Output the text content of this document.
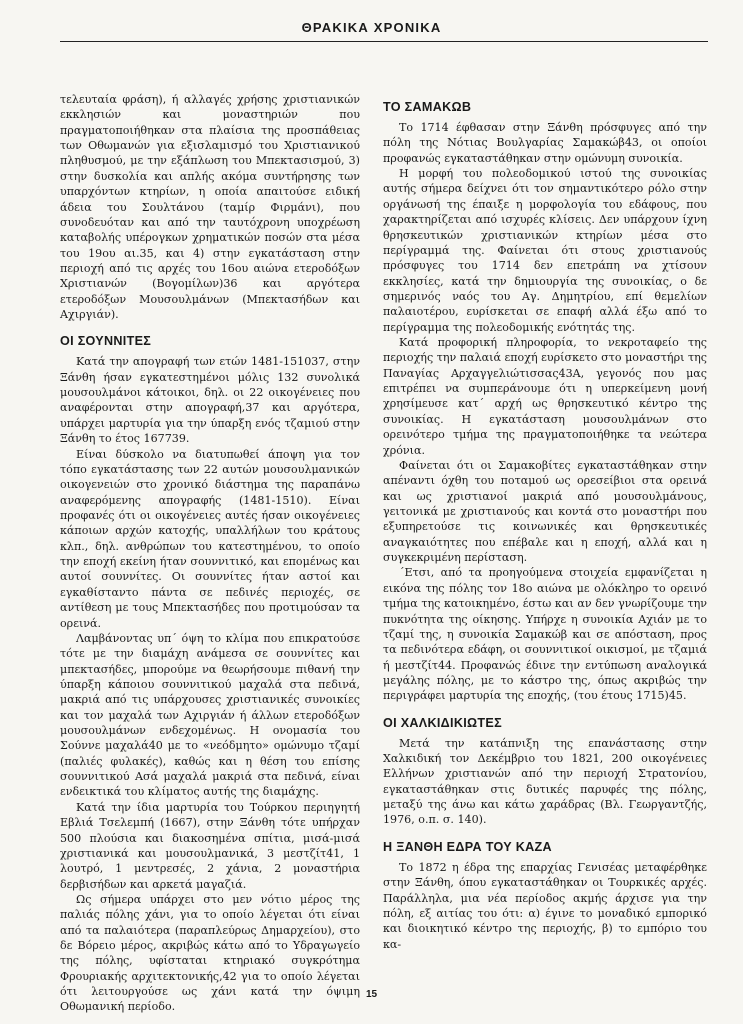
ΘΡΑΚΙΚΑ ΧΡΟΝΙΚΑ

τελευταία φράση), ή αλλαγές χρήσης χριστιανικών εκκλησιών και μοναστηριών που πραγματοποιήθηκαν στα πλαίσια της προσπάθειας των Οθωμανών για εξισλαμισμό του Χριστιανικού πληθυσμού, με την εξάπλωση του Μπεκτασισμού, 3) στην δυσκολία και απλής ακόμα συντήρησης των υπαρχόντων κτηρίων, η οποία απαιτούσε ειδική άδεια του Σουλτάνου (ταμίρ Φιρμάνι), που συνοδευόταν και από την ταυτόχρονη υποχρέωση καταβολής υπέρογκων χρηματικών ποσών στα μέσα του 19ου αι.35, και 4) στην εγκατάσταση στην περιοχή από τις αρχές του 16ου αιώνα ετεροδόξων Χριστιανών (Βογομίλων)36 και αργότερα ετεροδόξων Μουσουλμάνων (Μπεκτασήδων και Αχιργιάν).

ΟΙ ΣΟΥΝΝΙΤΕΣ

Κατά την απογραφή των ετών 1481-151037, στην Ξάνθη ήσαν εγκατεστημένοι μόλις 132 συνολικά μουσουλμάνοι κάτοικοι, δηλ. οι 22 οικογένειες που αναφέρονται στην απογραφή,37 και αργότερα, υπάρχει μαρτυρία για την ύπαρξη ενός τζαμιού στην Ξάνθη το έτος 167739.

Είναι δύσκολο να διατυπωθεί άποψη για τον τόπο εγκατάστασης των 22 αυτών μουσουλμανικών οικογενειών στο χρονικό διάστημα της παραπάνω αναφερόμενης απογραφής (1481-1510). Είναι προφανές ότι οι οικογένειες αυτές ήσαν οικογένειες κάποιων αρχών κατοχής, υπαλλήλων του κράτους κλπ., δηλ. ανθρώπων του κατεστημένου, το οποίο την εποχή εκείνη ήταν σουννιτικό, και επομένως και αυτοί σουννίτες. Οι σουννίτες ήταν αστοί και εγκαθίσταντο πάντα σε πεδινές περιοχές, σε αντίθεση με τους Μπεκτασήδες που προτιμούσαν τα ορεινά.

Λαμβάνοντας υπ΄ όψη το κλίμα που επικρατούσε τότε με την διαμάχη ανάμεσα σε σουννίτες και μπεκτασήδες, μπορούμε να θεωρήσουμε πιθανή την ύπαρξη κάποιου σουννιτικού μαχαλά στα πεδινά, μακριά από τις υπάρχουσες χριστιανικές συνοικίες και τον μαχαλά των Αχιργιάν ή άλλων ετεροδόξων μουσουλμάνων ενδεχομένως. Η ονομασία του Σούννε μαχαλά40 με το «νεόδμητο» ομώνυμο τζαμί (παλιές φυλακές), καθώς και η θέση του επίσης σουννιτικού Ασά μαχαλά μακριά στα πεδινά, είναι ενδεικτικά του κλίματος αυτής της διαμάχης.

Κατά την ίδια μαρτυρία του Τούρκου περιηγητή Εβλιά Τσελεμπή (1667), στην Ξάνθη τότε υπήρχαν 500 πλούσια και διακοσημένα σπίτια, μισά-μισά χριστιανικά και μουσουλμανικά, 3 μεστζίτ41, 1 λουτρό, 1 μεντρεσές, 2 χάνια, 2 μοναστήρια δερβισήδων και αρκετά μαγαζιά.

Ως σήμερα υπάρχει στο μεν νότιο μέρος της παλιάς πόλης χάνι, για το οποίο λέγεται ότι είναι από τα παλαιότερα (παραπλεύρως Δημαρχείου), στο δε Βόρειο μέρος, ακριβώς κάτω από το Υδραγωγείο της πόλης, υφίσταται κτηριακό συγκρότημα Φρουριακής αρχιτεκτονικής,42 για το οποίο λέγεται ότι λειτουργούσε ως χάνι κατά την όψιμη Οθωμανική περίοδο.

ΤΟ ΣΑΜΑΚΩΒ

Το 1714 έφθασαν στην Ξάνθη πρόσφυγες από την πόλη της Νότιας Βουλγαρίας Σαμακώβ43, οι οποίοι προφανώς εγκαταστάθηκαν στην ομώνυμη συνοικία.

Η μορφή του πολεοδομικού ιστού της συνοικίας αυτής σήμερα δείχνει ότι τον σημαντικότερο ρόλο στην οργάνωσή της έπαιξε η μορφολογία του εδάφους, που χαρακτηρίζεται από ισχυρές κλίσεις. Δεν υπάρχουν ίχνη θρησκευτικών χριστιανικών κτηρίων μέσα στο περίγραμμά της. Φαίνεται ότι στους χριστιανούς πρόσφυγες του 1714 δεν επετράπη να χτίσουν εκκλησίες, κατά την δημιουργία της συνοικίας, ο δε σημερινός ναός του Αγ. Δημητρίου, επί θεμελίων παλαιοτέρου, ευρίσκεται σε επαφή αλλά έξω από το περίγραμμα της πολεοδομικής ενότητάς της.

Κατά προφορική πληροφορία, το νεκροταφείο της περιοχής την παλαιά εποχή ευρίσκετο στο μοναστήρι της Παναγίας Αρχαγγελιώτισσας43Α, γεγονός που μας επιτρέπει να συμπεράνουμε ότι η υπερκείμενη μονή χρησίμευσε κατ΄ αρχή ως θρησκευτικό κέντρο της συνοικίας. Η εγκατάσταση μουσουλμάνων στο ορεινότερο τμήμα της πραγματοποιήθηκε τα νεώτερα χρόνια.

Φαίνεται ότι οι Σαμακοβίτες εγκαταστάθηκαν στην απέναντι όχθη του ποταμού ως ορεσείβιοι στα ορεινά και ως χριστιανοί μακριά από μουσουλμάνους, γειτονικά με χριστιανούς και κοντά στο μοναστήρι που εξυπηρετούσε τις κοινωνικές και θρησκευτικές αναγκαιότητες που επέβαλε και η εποχή, αλλά και η συγκεκριμένη περίσταση.

΄Ετσι, από τα προηγούμενα στοιχεία εμφανίζεται η εικόνα της πόλης τον 18ο αιώνα με ολόκληρο το ορεινό τμήμα της κατοικημένο, έστω και αν δεν γνωρίζουμε την πυκνότητα της οίκησης. Υπήρχε η συνοικία Αχιάν με το τζαμί της, η συνοικία Σαμακώβ και σε απόσταση, προς τα πεδινότερα εδάφη, οι σουννιτικοί οικισμοί, με τζαμιά ή μεστζίτ44. Προφανώς έδινε την εντύπωση αναλογικά μεγάλης πόλης, με το κάστρο της, όπως ακριβώς την περιγράφει μαρτυρία της εποχής, (του έτους 1715)45.

ΟΙ ΧΑΛΚΙΔΙΚΙΩΤΕΣ

Μετά την κατάπνιξη της επανάστασης στην Χαλκιδική τον Δεκέμβριο του 1821, 200 οικογένειες Ελλήνων χριστιανών από την περιοχή Στρατονίου, εγκαταστάθηκαν στις δυτικές παρυφές της πόλης, μεταξύ της άνω και κάτω χαράδρας (Βλ. Γεωργαντζής, 1976, ο.π. σ. 140).

Η ΞΑΝΘΗ ΕΔΡΑ ΤΟΥ ΚΑΖΑ

Το 1872 η έδρα της επαρχίας Γενισέας μεταφέρθηκε στην Ξάνθη, όπου εγκαταστάθηκαν οι Τουρκικές αρχές. Παράλληλα, μια νέα περίοδος ακμής άρχισε για την πόλη, εξ αιτίας του ότι: α) έγινε το μοναδικό εμπορικό και διοικητικό κέντρο της περιοχής, β) το εμπόριο του κα-

15
